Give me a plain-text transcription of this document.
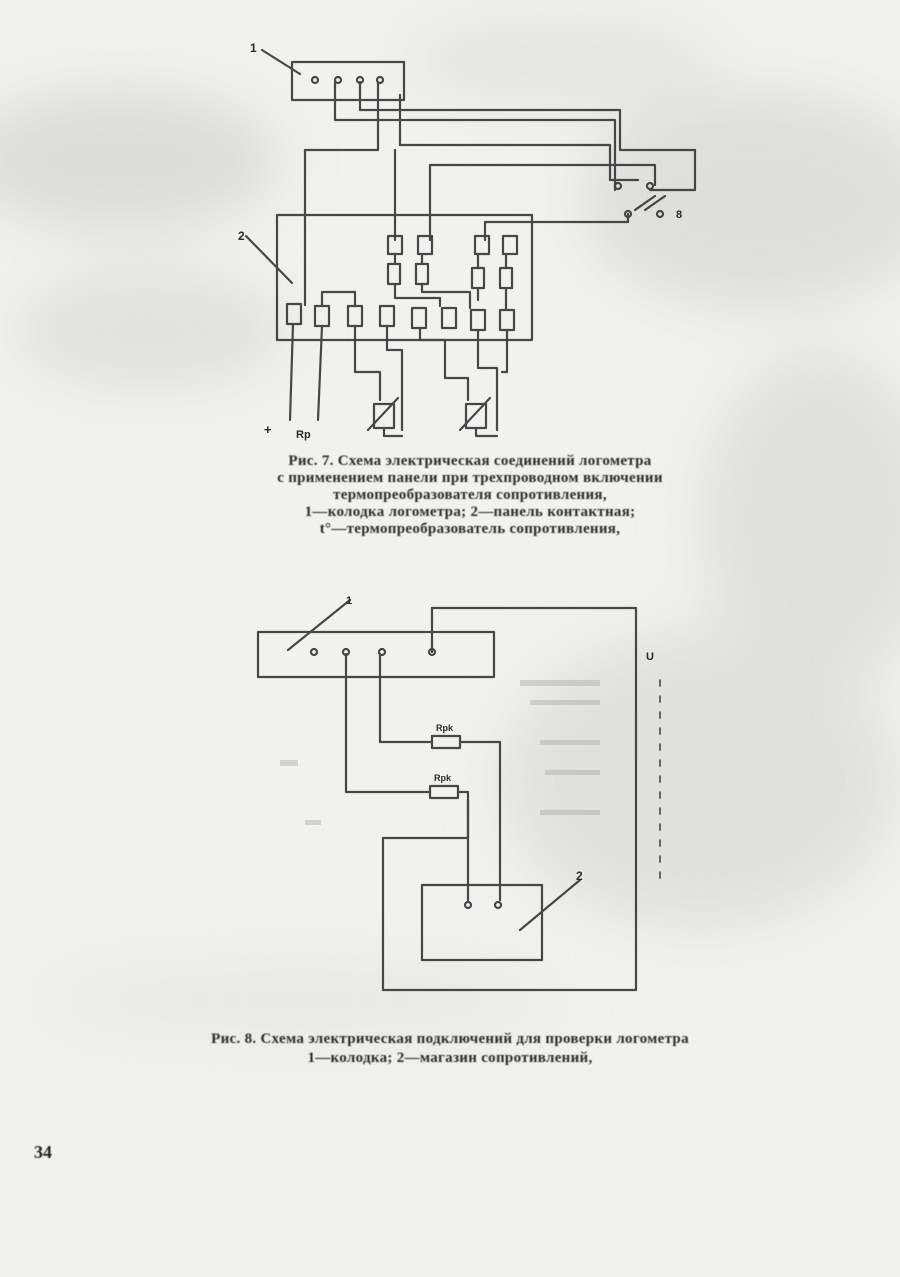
1
2
8
+ Rp
Рис. 7. Схема электрическая соединений логометра
с применением панели при трехпроводном включении
термопреобразователя сопротивления,
1—колодка логометра; 2—панель контактная;
t°—термопреобразователь сопротивления,
1
2
Rpk
Rpk
U
Рис. 8. Схема электрическая подключений для проверки логометра
1—колодка; 2—магазин сопротивлений,
34
